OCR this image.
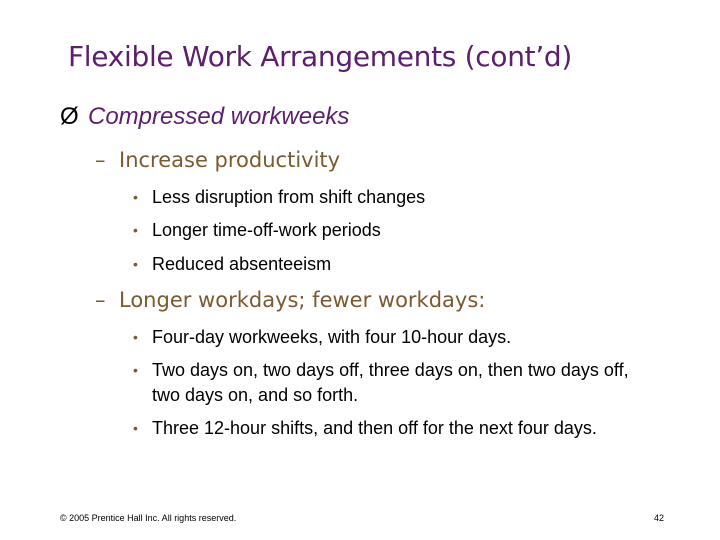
Flexible Work Arrangements (cont’d)
Ø Compressed workweeks
– Increase productivity
• Less disruption from shift changes
• Longer time-off-work periods
• Reduced absenteeism
– Longer workdays; fewer workdays:
• Four-day workweeks, with four 10-hour days.
• Two days on, two days off, three days on, then two days off, two days on, and so forth.
• Three 12-hour shifts, and then off for the next four days.
© 2005 Prentice Hall Inc. All rights reserved.	42
